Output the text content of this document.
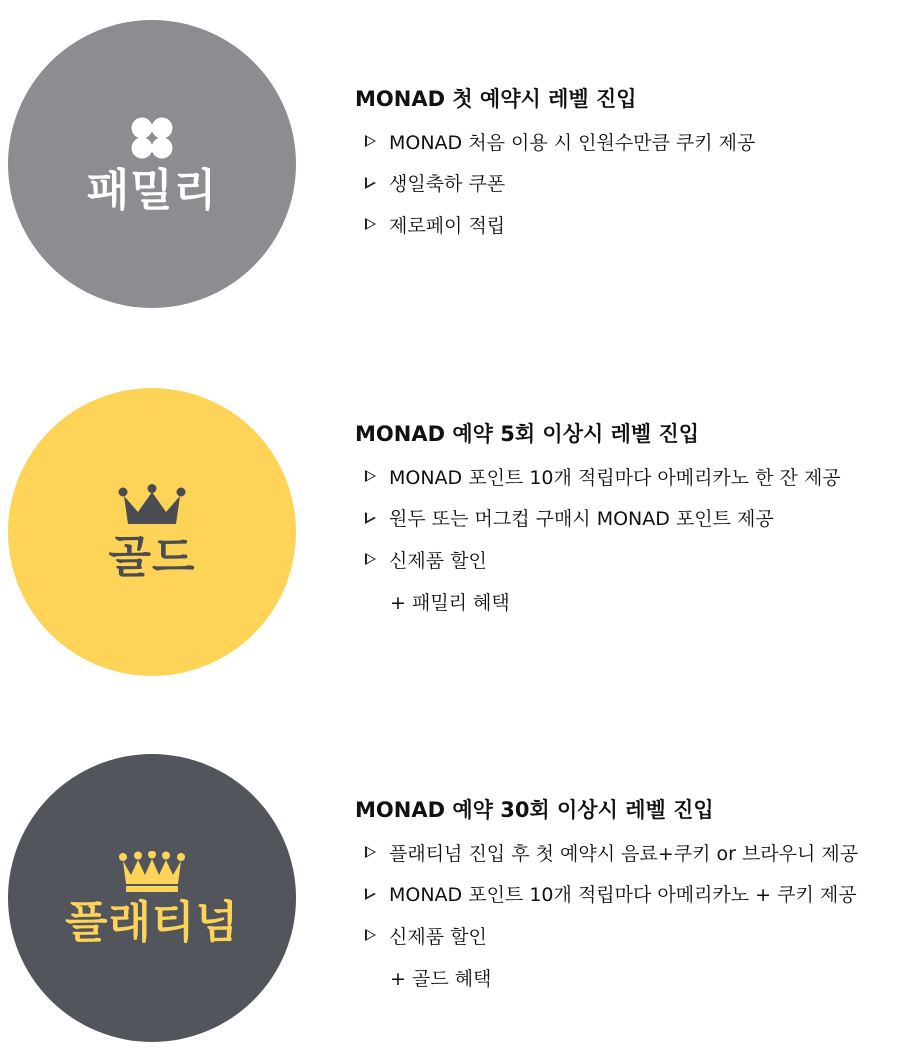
패밀리
MONAD 첫 예약시 레벨 진입
MONAD 처음 이용 시 인원수만큼 쿠키 제공
생일축하 쿠폰
제로페이 적립
골드
MONAD 예약 5회 이상시 레벨 진입
MONAD 포인트 10개 적립마다 아메리카노 한 잔 제공
원두 또는 머그컵 구매시 MONAD 포인트 제공
신제품 할인
+ 패밀리 혜택
플래티넘
MONAD 예약 30회 이상시 레벨 진입
플래티넘 진입 후 첫 예약시 음료+쿠키 or 브라우니 제공
MONAD 포인트 10개 적립마다 아메리카노 + 쿠키 제공
신제품 할인
+ 골드 혜택
